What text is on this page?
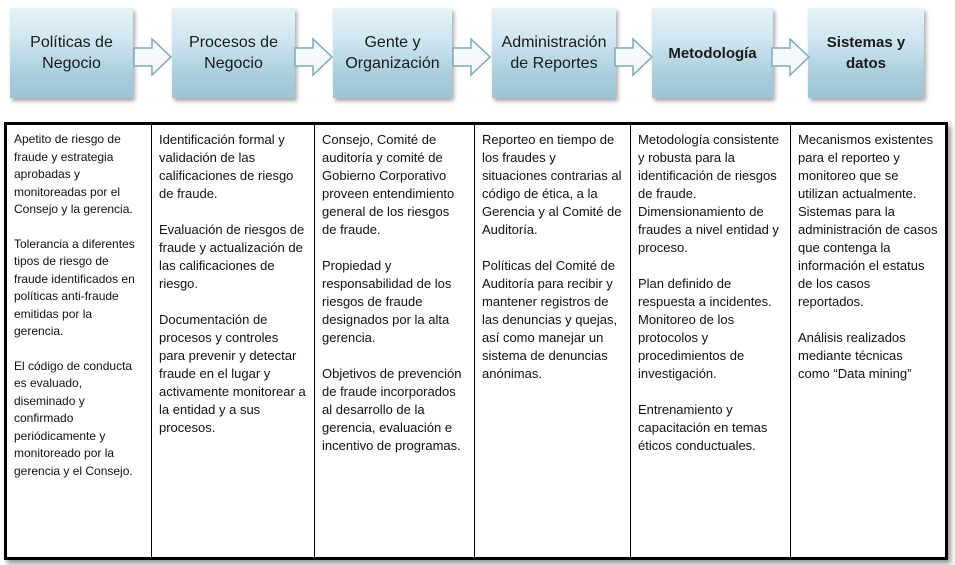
Políticas de Negocio
Procesos de Negocio
Gente y Organización
Administración de Reportes
Metodología
Sistemas y datos

Apetito de riesgo de fraude y estrategia aprobadas y monitoreadas por el Consejo y la gerencia.

Tolerancia a diferentes tipos de riesgo de fraude identificados en políticas anti-fraude emitidas por la gerencia.

El código de conducta es evaluado, diseminado y confirmado periódicamente y monitoreado por la gerencia y el Consejo.

Identificación formal y validación de las calificaciones de riesgo de fraude.

Evaluación de riesgos de fraude y actualización de las calificaciones de riesgo.

Documentación de procesos y controles para prevenir y detectar fraude en el lugar y activamente monitorear a la entidad y a sus procesos.

Consejo, Comité de auditoría y comité de Gobierno Corporativo proveen entendimiento general de los riesgos de fraude.

Propiedad y responsabilidad de los riesgos de fraude designados por la alta gerencia.

Objetivos de prevención de fraude incorporados al desarrollo de la gerencia, evaluación e incentivo de programas.

Reporteo en tiempo de los fraudes y situaciones contrarias al código de ética, a la Gerencia y al Comité de Auditoría.

Políticas del Comité de Auditoría para recibir y mantener registros de las denuncias y quejas, así como manejar un sistema de denuncias anónimas.

Metodología consistente y robusta para la identificación de riesgos de fraude. Dimensionamiento de fraudes a nivel entidad y proceso.

Plan definido de respuesta a incidentes. Monitoreo de los protocolos y procedimientos de investigación.

Entrenamiento y capacitación en temas éticos conductuales.

Mecanismos existentes para el reporteo y monitoreo que se utilizan actualmente. Sistemas para la administración de casos que contenga la información el estatus de los casos reportados.

Análisis realizados mediante técnicas como “Data mining”
